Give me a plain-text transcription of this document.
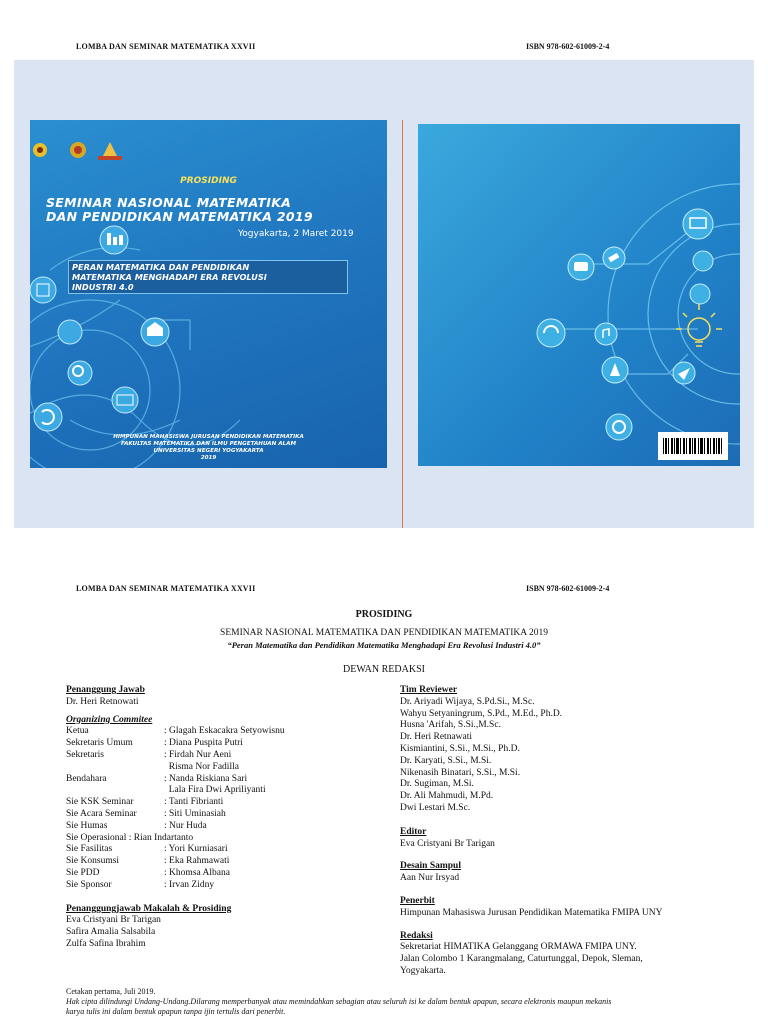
LOMBA DAN SEMINAR MATEMATIKA XXVII	ISBN 978-602-61009-2-4
PROSIDING
SEMINAR NASIONAL MATEMATIKA
DAN PENDIDIKAN MATEMATIKA 2019
Yogyakarta, 2 Maret 2019
PERAN MATEMATIKA DAN PENDIDIKAN
MATEMATIKA MENGHADAPI ERA REVOLUSI
INDUSTRI 4.0
HIMPUNAN MAHASISWA JURUSAN PENDIDIKAN MATEMATIKA
FAKULTAS MATEMATIKA DAN ILMU PENGETAHUAN ALAM
UNIVERSITAS NEGERI YOGYAKARTA
2019
LOMBA DAN SEMINAR MATEMATIKA XXVII	ISBN 978-602-61009-2-4
PROSIDING
SEMINAR NASIONAL MATEMATIKA DAN PENDIDIKAN MATEMATIKA 2019
“Peran Matematika dan Pendidikan Matematika Menghadapi Era Revolusi Industri 4.0”
DEWAN REDAKSI
Penanggung Jawab
Dr. Heri Retnowati
Organizing Commitee
Ketua	: Glagah Eskacakra Setyowisnu
Sekretaris Umum	: Diana Puspita Putri
Sekretaris	: Firdah Nur Aeni
Risma Nor Fadilla
Bendahara	: Nanda Riskiana Sari
Lala Fira Dwi Apriliyanti
Sie KSK Seminar	: Tanti Fibrianti
Sie Acara Seminar	: Siti Uminasiah
Sie Humas	: Nur Huda
Sie Operasional : Rian Indartanto
Sie Fasilitas	: Yori Kurniasari
Sie Konsumsi	: Eka Rahmawati
Sie PDD	: Khomsa Albana
Sie Sponsor	: Irvan Zidny
Penanggungjawab Makalah & Prosiding
Eva Cristyani Br Tarigan
Safira Amalia Salsabila
Zulfa Safina Ibrahim
Tim Reviewer
Dr. Ariyadi Wijaya, S.Pd.Si., M.Sc.
Wahyu Setyaningrum, S.Pd., M.Ed., Ph.D.
Husna 'Arifah, S.Si.,M.Sc.
Dr. Heri Retnawati
Kismiantini, S.Si., M.Si., Ph.D.
Dr. Karyati, S.Si., M.Si.
Nikenasih Binatari, S.Si., M.Si.
Dr. Sugiman, M.Si.
Dr. Ali Mahmudi, M.Pd.
Dwi Lestari M.Sc.
Editor
Eva Cristyani Br Tarigan
Desain Sampul
Aan Nur Irsyad
Penerbit
Himpunan Mahasiswa Jurusan Pendidikan Matematika FMIPA UNY
Redaksi
Sekretariat HIMATIKA Gelanggang ORMAWA FMIPA UNY.
Jalan Colombo 1 Karangmalang, Caturtunggal, Depok, Sleman,
Yogyakarta.
Cetakan pertama, Juli 2019.
Hak cipta dilindungi Undang-Undang.Dilarang memperbanyak atau memindahkan sebagian atau seluruh isi ke dalam bentuk apapun, secara elektronis maupun mekanis
karya tulis ini dalam bentuk apapun tanpa ijin tertulis dari penerbit.
